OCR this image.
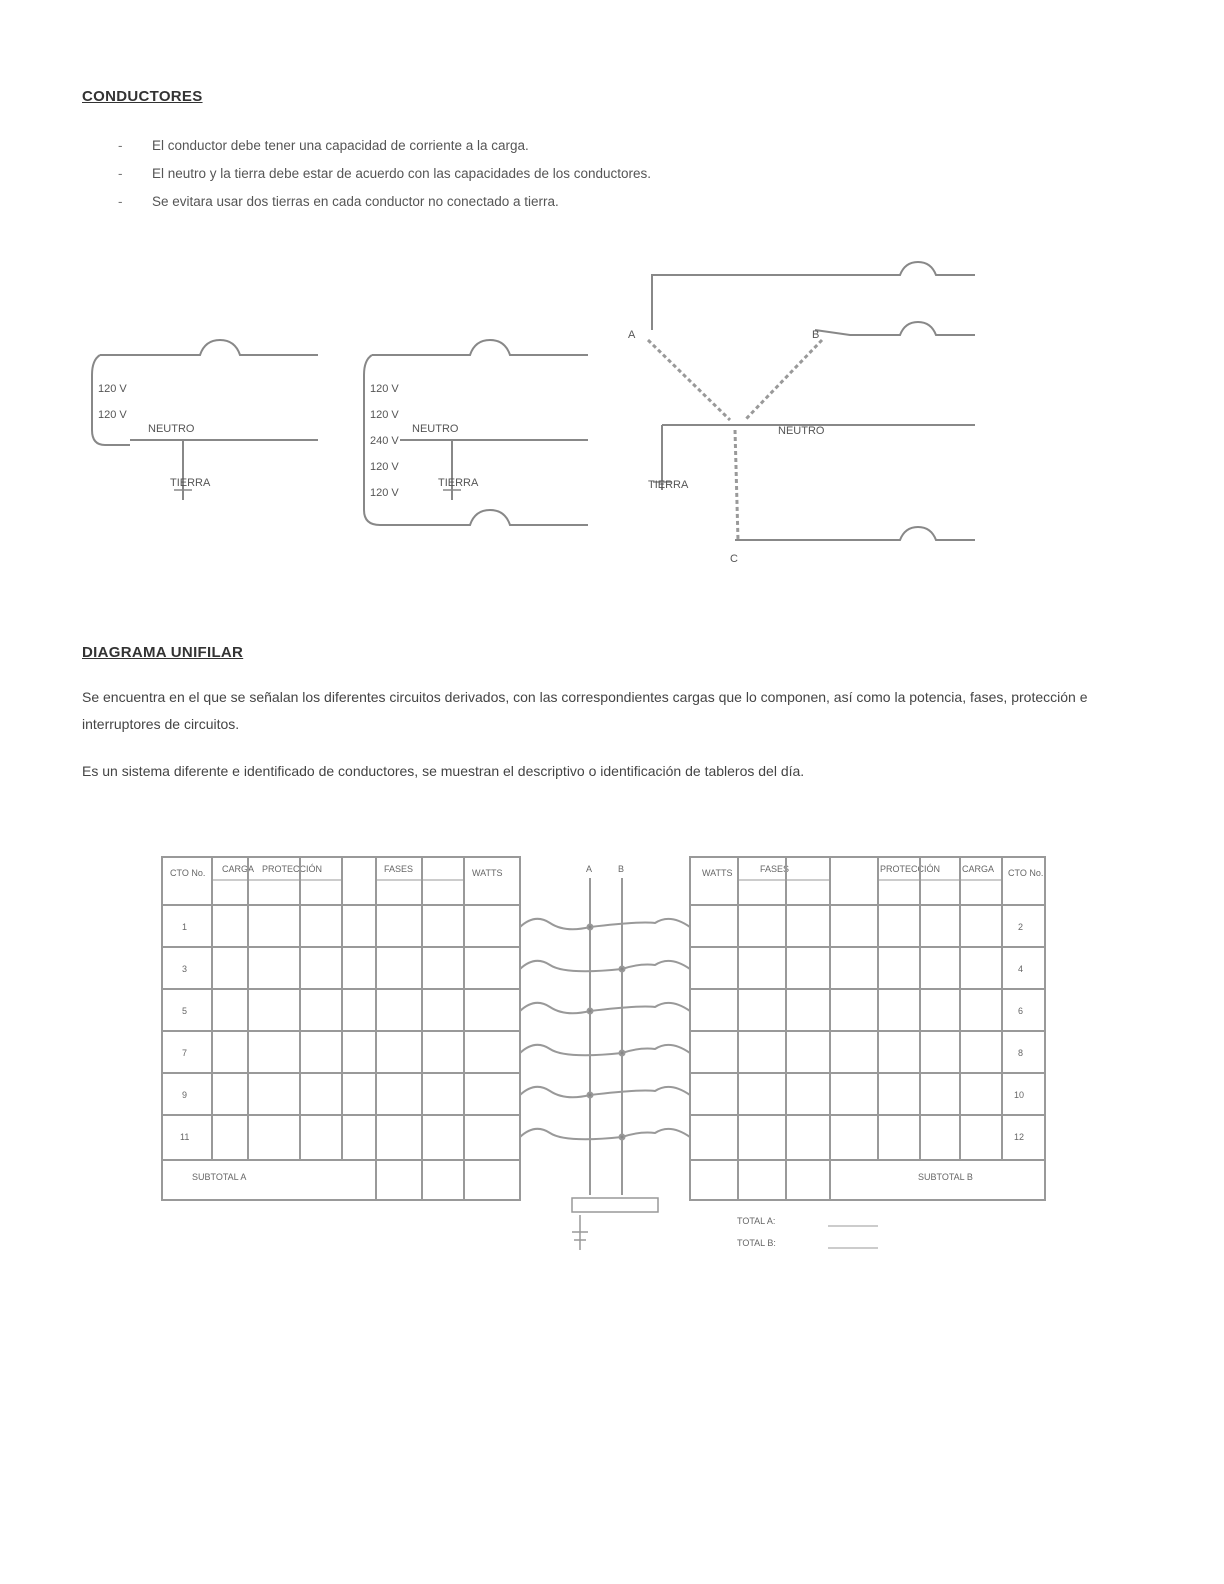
CONDUCTORES
- El conductor debe tener una capacidad de corriente a la carga.
- El neutro y la tierra debe estar de acuerdo con las capacidades de los conductores.
- Se evitara usar dos tierras en cada conductor no conectado a tierra.
120 V
120 V
NEUTRO
TIERRA
120 V
120 V
240 V
120 V
120 V
NEUTRO
TIERRA
A	B
C
NEUTRO
TIERRA
DIAGRAMA UNIFILAR

Se encuentra en el que se señalan los diferentes circuitos derivados, con las correspondientes cargas que lo componen, así como la potencia, fases, protección e interruptores de circuitos.

Es un sistema diferente e identificado de conductores, se muestran el descriptivo o identificación de tableros del día.

CTO No. CARGA PROTECCIÓN	FASES	WATTS
1
3
5
7
9
11
SUBTOTAL A
WATTS	FASES	PROTECCIÓN CARGA CTO No.
2
4
6
8
10
12
SUBTOTAL B
A	B
TOTAL A:
TOTAL B:
